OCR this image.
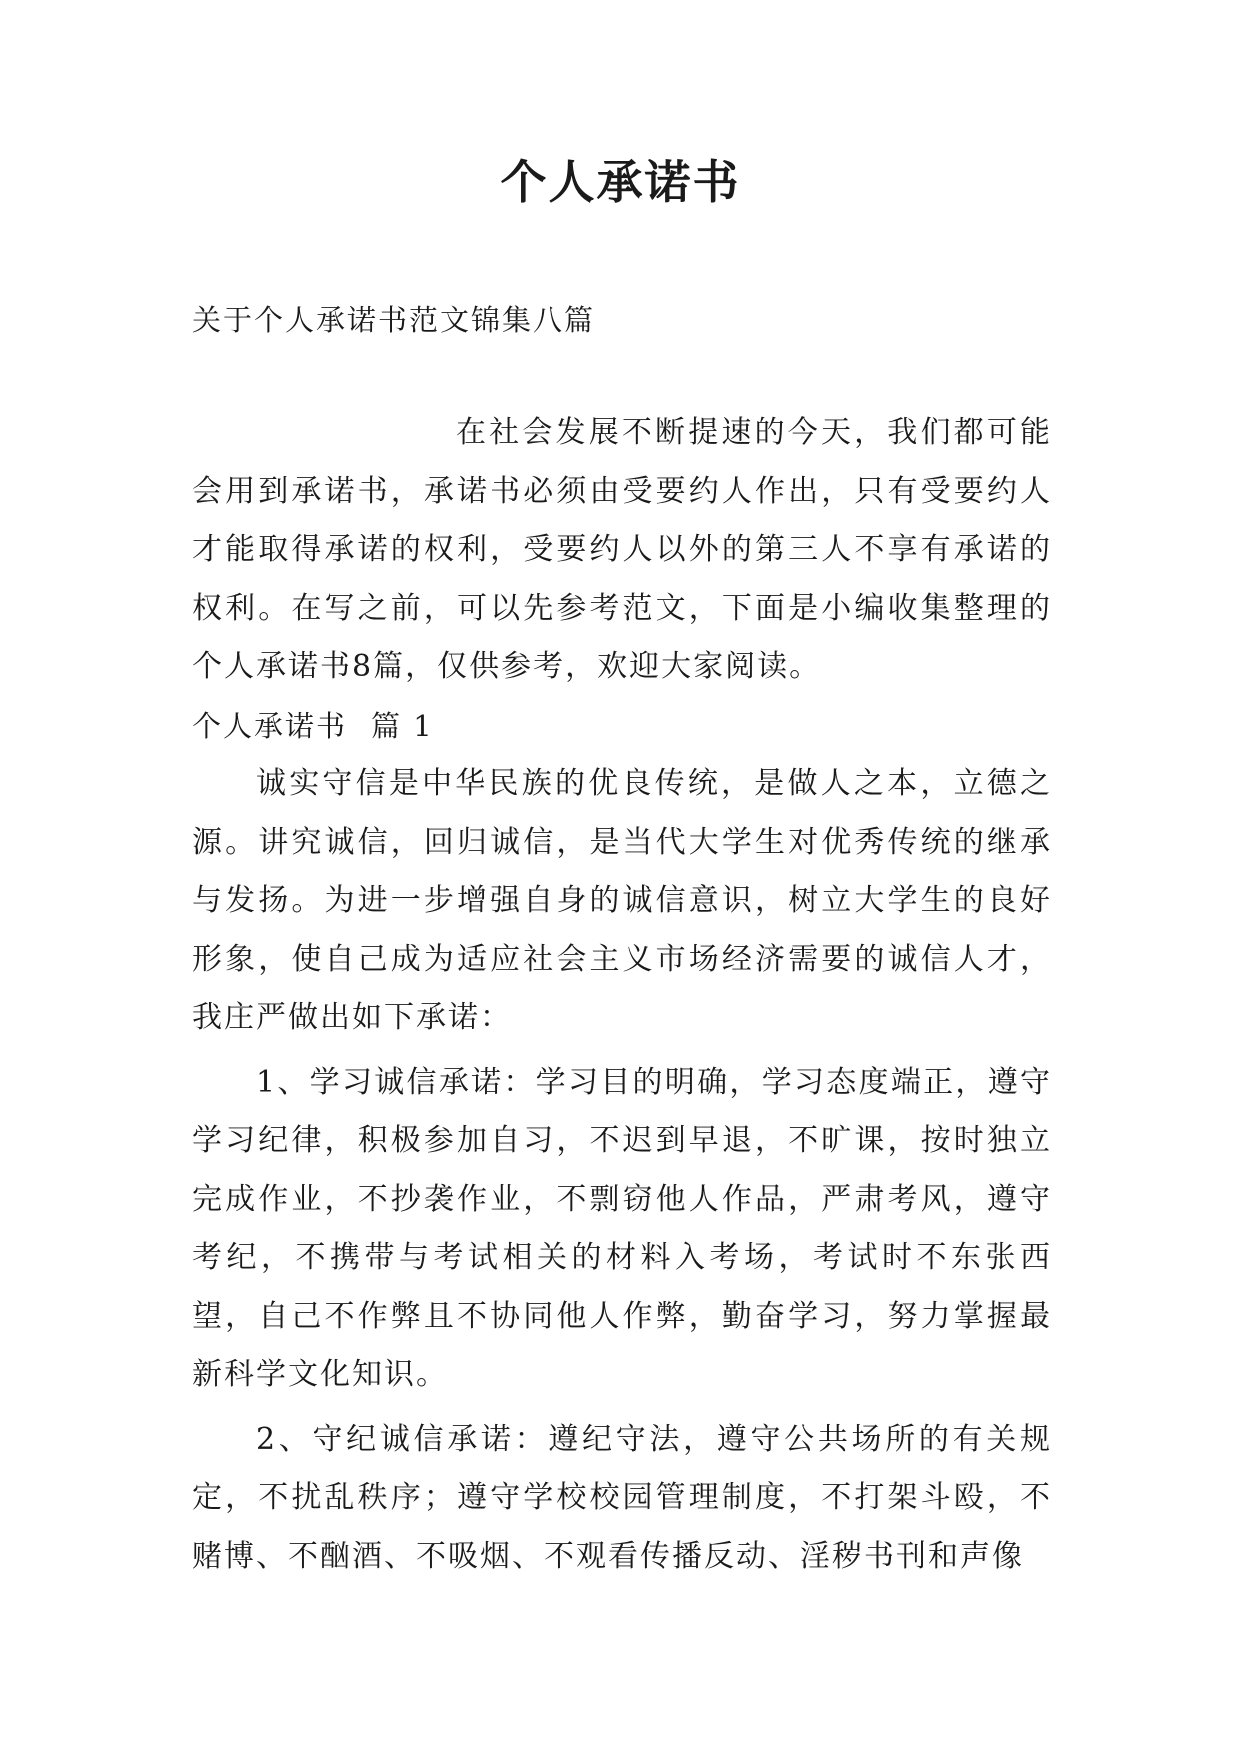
个人承诺书
关于个人承诺书范文锦集八篇

在社会发展不断提速的今天，我们都可能会用到承诺书，承诺书必须由受要约人作出，只有受要约人才能取得承诺的权利，受要约人以外的第三人不享有承诺的权利。在写之前，可以先参考范文，下面是小编收集整理的个人承诺书8篇，仅供参考，欢迎大家阅读。

个人承诺书 篇 1

诚实守信是中华民族的优良传统，是做人之本，立德之源。讲究诚信，回归诚信，是当代大学生对优秀传统的继承与发扬。为进一步增强自身的诚信意识，树立大学生的良好形象，使自己成为适应社会主义市场经济需要的诚信人才，我庄严做出如下承诺：

1、学习诚信承诺：学习目的明确，学习态度端正，遵守学习纪律，积极参加自习，不迟到早退，不旷课，按时独立完成作业，不抄袭作业，不剽窃他人作品，严肃考风，遵守考纪，不携带与考试相关的材料入考场，考试时不东张西望，自己不作弊且不协同他人作弊，勤奋学习，努力掌握最新科学文化知识。

2、守纪诚信承诺：遵纪守法，遵守公共场所的有关规定，不扰乱秩序；遵守学校校园管理制度，不打架斗殴，不赌博、不酗酒、不吸烟、不观看传播反动、淫秽书刊和声像
